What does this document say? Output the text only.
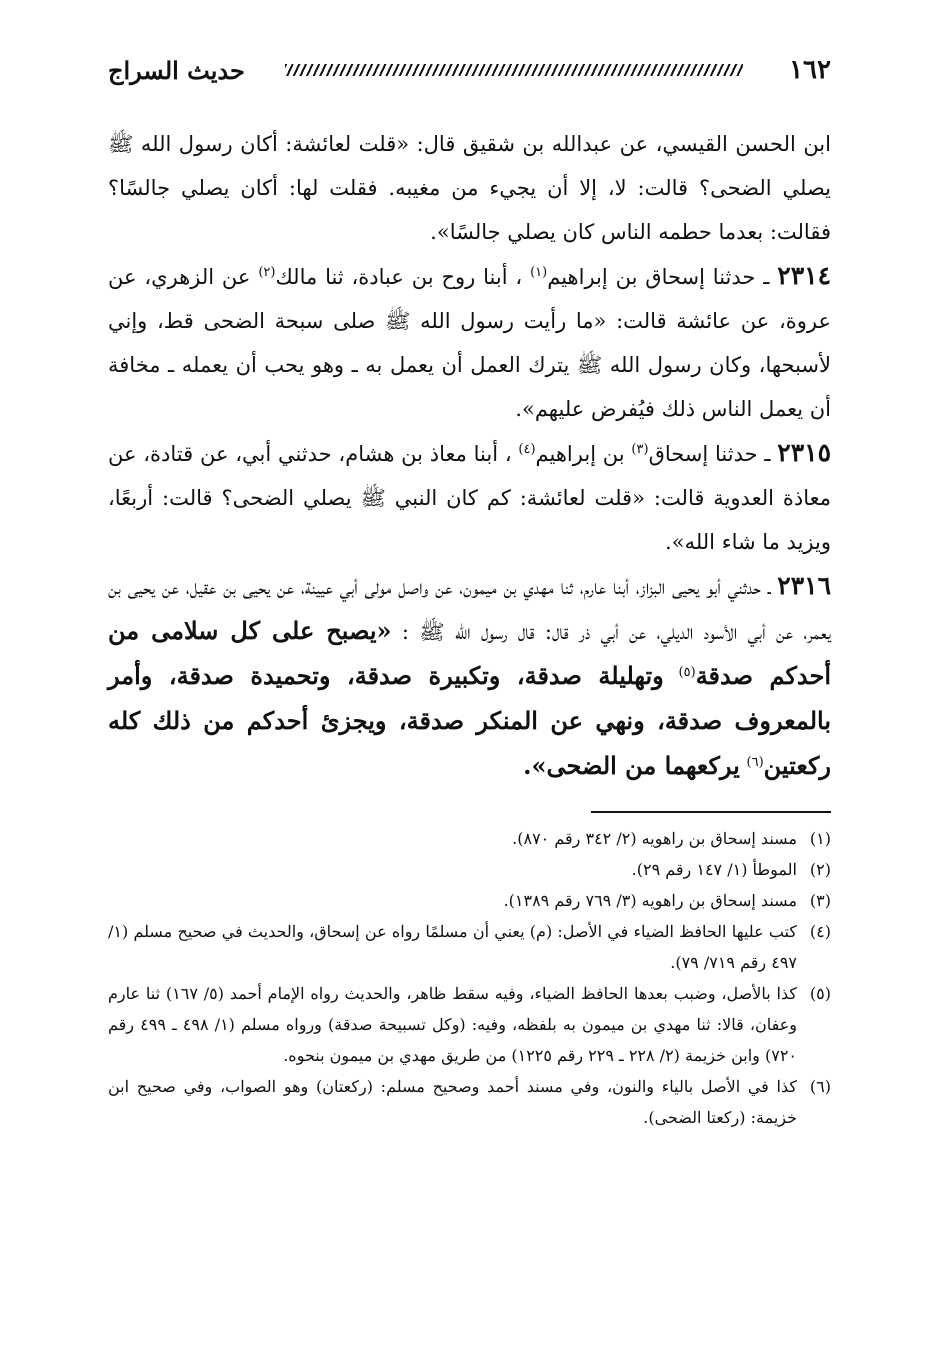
١٦٢
حديث السراج

ابن الحسن القيسي، عن عبدالله بن شقيق قال: «قلت لعائشة: أكان رسول الله ﷺ يصلي الضحى؟ قالت: لا، إلا أن يجيء من مغيبه. فقلت لها: أكان يصلي جالسًا؟ فقالت: بعدما حطمه الناس كان يصلي جالسًا».

٢٣١٤ ـ حدثنا إسحاق بن إبراهيم$^{(١)}$ ، أبنا روح بن عبادة، ثنا مالك$^{(٢)}$ عن الزهري، عن عروة، عن عائشة قالت: «ما رأيت رسول الله ﷺ صلى سبحة الضحى قط، وإني لأسبحها، وكان رسول الله ﷺ يترك العمل أن يعمل به ـ وهو يحب أن يعمله ـ مخافة أن يعمل الناس ذلك فيُفرض عليهم».

٢٣١٥ ـ حدثنا إسحاق$^{(٣)}$ بن إبراهيم$^{(٤)}$ ، أبنا معاذ بن هشام، حدثني أبي، عن قتادة، عن معاذة العدوية قالت: «قلت لعائشة: كم كان النبي ﷺ يصلي الضحى؟ قالت: أربعًا، ويزيد ما شاء الله».

٢٣١٦ ـ حدثني أبو يحيى البزاز، أبنا عارم، ثنا مهدي بن ميمون، عن واصل مولى أبي عيينة، عن يحيى بن عقيل، عن يحيى بن يعمر، عن أبي الأسود الديلي، عن أبي ذر قال: قال رسول الله ﷺ : «يصبح على كل سلامى من أحدكم صدقة$^{(٥)}$ وتهليلة صدقة، وتكبيرة صدقة، وتحميدة صدقة، وأمر بالمعروف صدقة، ونهي عن المنكر صدقة، ويجزئ أحدكم من ذلك كله ركعتين$^{(٦)}$ يركعهما من الضحى».

(١)
مسند إسحاق بن راهويه (٢/ ٣٤٢ رقم ٨٧٠).

(٢)
الموطأ (١/ ١٤٧ رقم ٢٩).

(٣)
مسند إسحاق بن راهويه (٣/ ٧٦٩ رقم ١٣٨٩).

(٤)
كتب عليها الحافظ الضياء في الأصل: (م) يعني أن مسلمًا رواه عن إسحاق، والحديث في صحيح مسلم (١/ ٤٩٧ رقم ٧١٩/ ٧٩).

(٥)
كذا بالأصل، وضبب بعدها الحافظ الضياء، وفيه سقط ظاهر، والحديث رواه الإمام أحمد (٥/ ١٦٧) ثنا عارم وعفان، قالا: ثنا مهدي بن ميمون به بلفظه، وفيه: (وكل تسبيحة صدقة) ورواه مسلم (١/ ٤٩٨ ـ ٤٩٩ رقم ٧٢٠) وابن خزيمة (٢/ ٢٢٨ ـ ٢٢٩ رقم ١٢٢٥) من طريق مهدي بن ميمون بنحوه.

(٦)
كذا في الأصل بالياء والنون، وفي مسند أحمد وصحيح مسلم: (ركعتان) وهو الصواب، وفي صحيح ابن خزيمة: (ركعتا الضحى).
